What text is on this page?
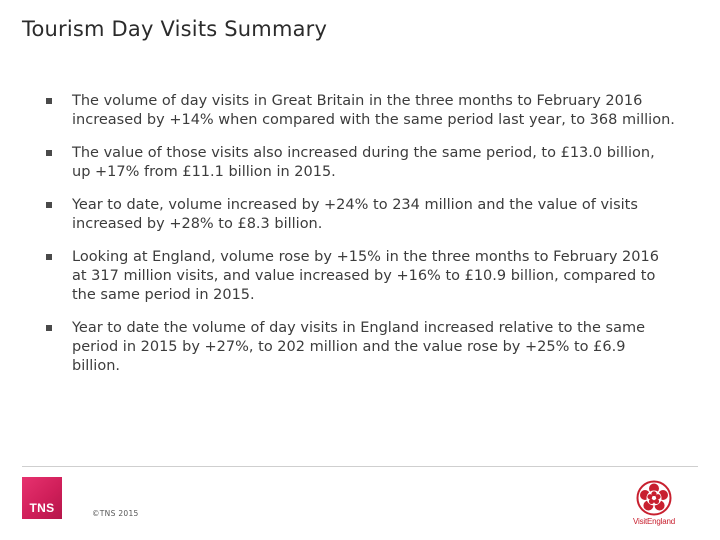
Tourism Day Visits Summary
The volume of day visits in Great Britain in the three months to February 2016 increased by +14% when compared with the same period last year, to 368 million.
The value of those visits also increased during the same period, to £13.0 billion, up +17% from £11.1 billion in 2015.
Year to date, volume increased by +24% to 234 million and the value of visits increased by +28% to £8.3 billion.
Looking at England, volume rose by +15% in the three months to February 2016 at 317 million visits, and value increased by +16% to £10.9 billion, compared to the same period in 2015.
Year to date the volume of day visits in England increased relative to the same period in 2015 by +27%, to 202 million and the value rose by +25% to £6.9 billion.
TNS	©TNS 2015
VisitEngland
